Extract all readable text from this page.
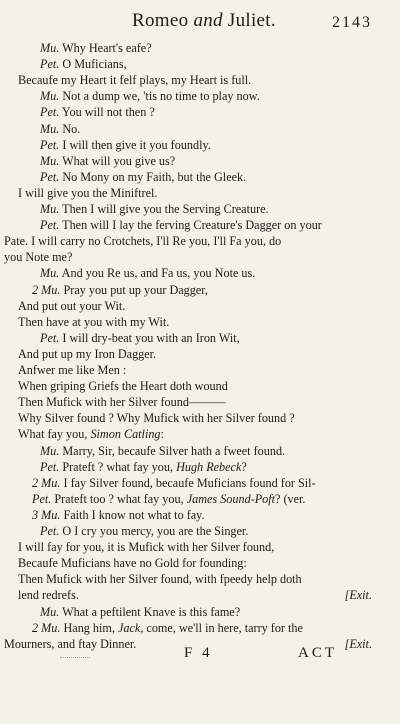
Romeo and Juliet.	2143
Mu. Why Heart's eafe?
Pet. O Muficians,
Becaufe my Heart it felf plays, my Heart is full.
Mu. Not a dump we, 'tis no time to play now.
Pet. You will not then ?
Mu. No.
Pet. I will then give it you foundly.
Mu. What will you give us?
Pet. No Mony on my Faith, but the Gleek.
I will give you the Miniftrel.
Mu. Then I will give you the Serving Creature.
Pet. Then will I lay the ferving Creature's Dagger on your
Pate. I will carry no Crotchets, I'll Re you, I'll Fa you, do
you Note me?
Mu. And you Re us, and Fa us, you Note us.
2 Mu. Pray you put up your Dagger,
And put out your Wit.
Then have at you with my Wit.
Pet. I will dry-beat you with an Iron Wit,
And put up my Iron Dagger.
Anfwer me like Men :
When griping Griefs the Heart doth wound
Then Mufick with her Silver found———
Why Silver found ? Why Mufick with her Silver found ?
What fay you, Simon Catling:
Mu. Marry, Sir, becaufe Silver hath a fweet found.
Pet. Prateft ? what fay you, Hugh Rebeck?
2 Mu. I fay Silver found, becaufe Muficians found for Sil-
Pet. Prateft too ? what fay you, James Sound-Poft? (ver.
3 Mu. Faith I know not what to fay.
Pet. O I cry you mercy, you are the Singer.
I will fay for you, it is Mufick with her Silver found,
Becaufe Muficians have no Gold for founding:
Then Mufick with her Silver found, with fpeedy help doth
lend redrefs.	[Exit.
Mu. What a peftilent Knave is this fame?
2 Mu. Hang him, Jack, come, we'll in here, tarry for the
Mourners, and ftay Dinner.	[Exit.
F 4	ACT
